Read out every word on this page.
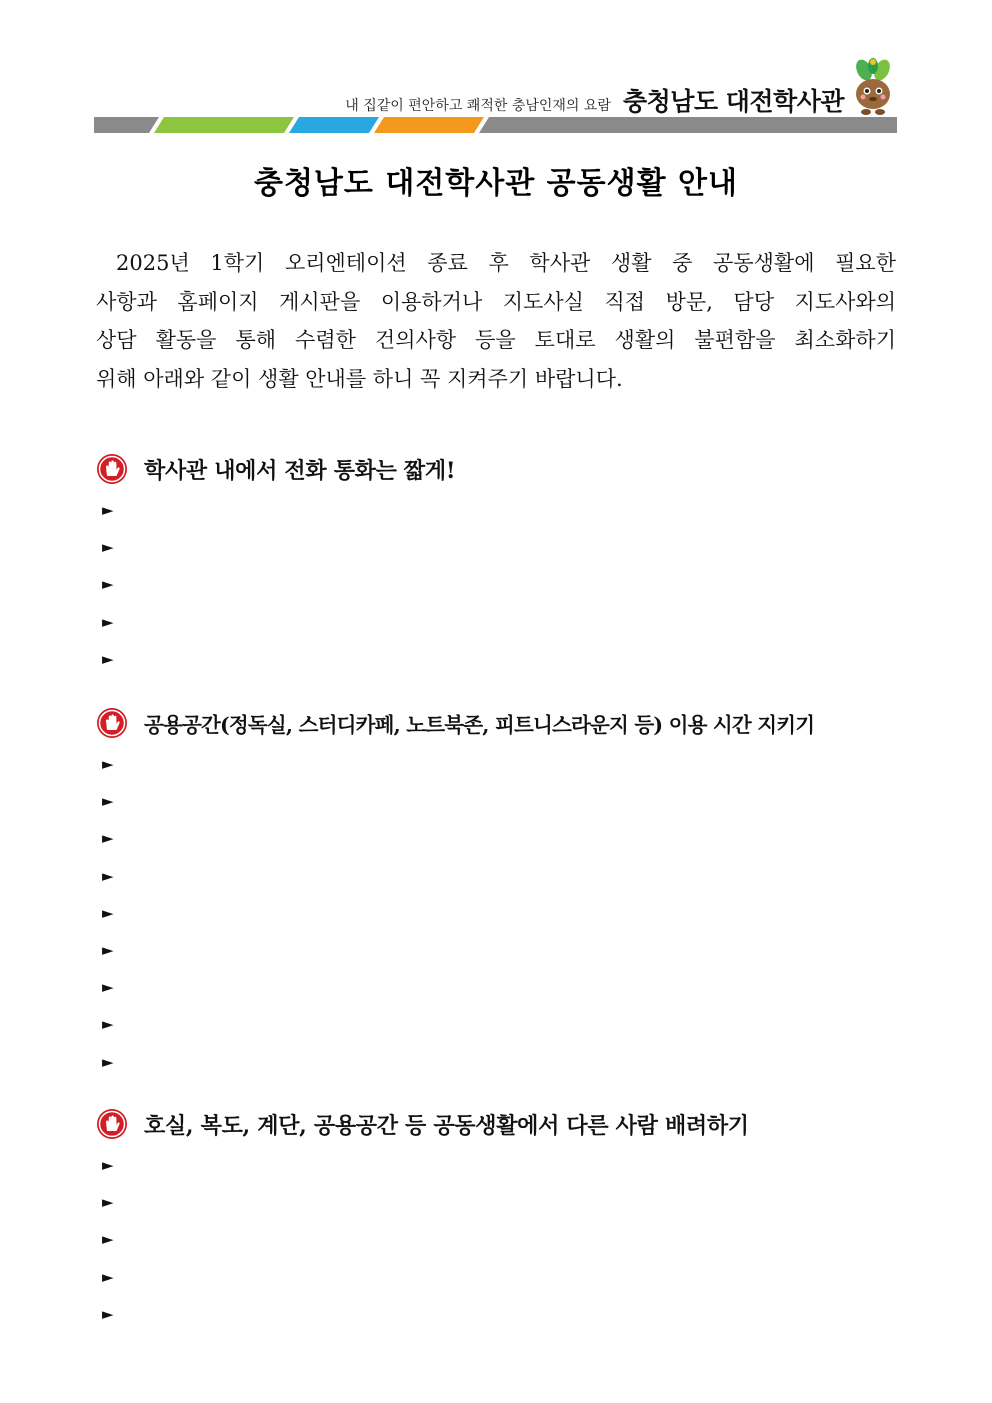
내 집같이 편안하고 쾌적한 충남인재의 요람 충청남도 대전학사관
충청남도 대전학사관 공동생활 안내

2025년 1학기 오리엔테이션 종료 후 학사관 생활 중 공동생활에 필요한
사항과 홈페이지 게시판을 이용하거나 지도사실 직접 방문, 담당 지도사와의
상담 활동을 통해 수렴한 건의사항 등을 토대로 생활의 불편함을 최소화하기
위해 아래와 같이 생활 안내를 하니 꼭 지켜주기 바랍니다.

학사관 내에서 전화 통화는 짧게!
►
►
►
►
►
공용공간(정독실, 스터디카페, 노트북존, 피트니스라운지 등) 이용 시간 지키기
►
►
►
►
►
►
►
►
►
호실, 복도, 계단, 공용공간 등 공동생활에서 다른 사람 배려하기
►
►
►
►
►
